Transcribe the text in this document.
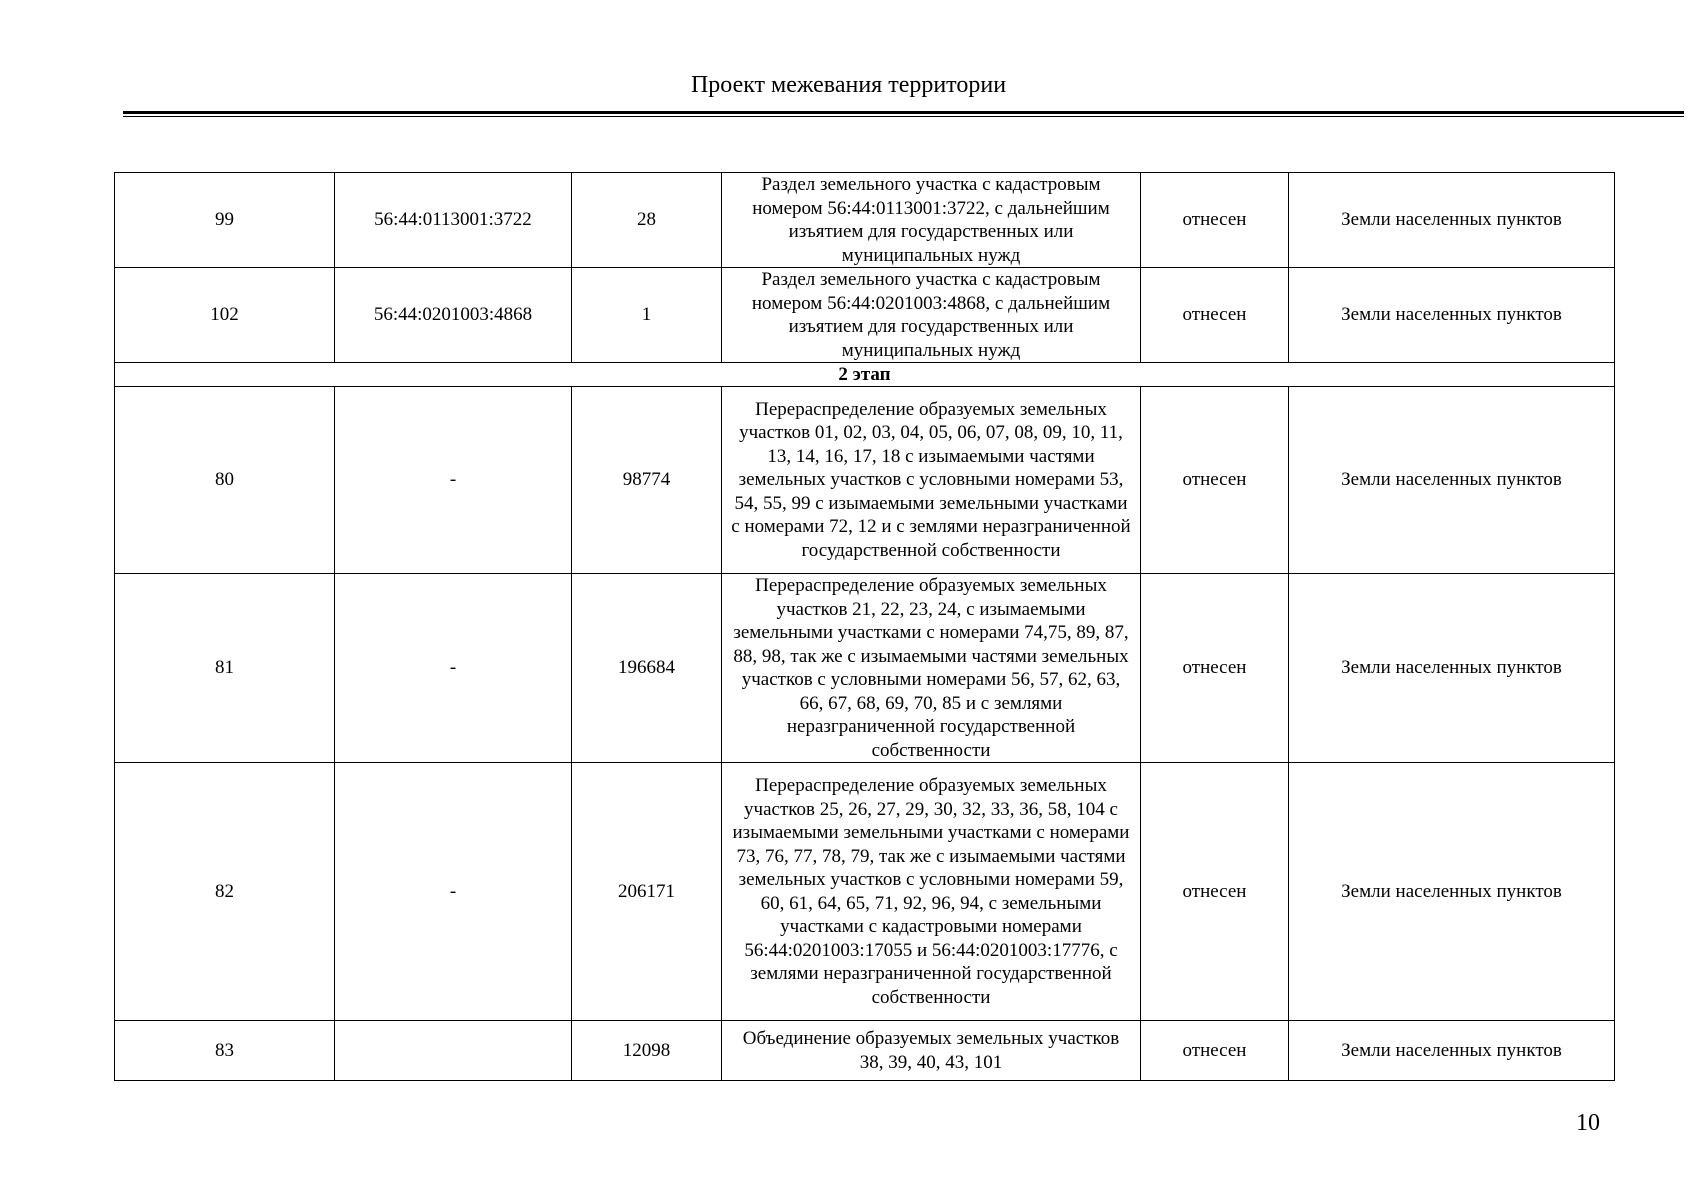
Проект межевания территории
99	56:44:0113001:3722	28	Раздел земельного участка с кадастровым номером 56:44:0113001:3722, с дальнейшим изъятием для государственных или муниципальных нужд	отнесен	Земли населенных пунктов
102	56:44:0201003:4868	1	Раздел земельного участка с кадастровым номером 56:44:0201003:4868, с дальнейшим изъятием для государственных или муниципальных нужд	отнесен	Земли населенных пунктов
2 этап					
80	-	98774	Перераспределение образуемых земельных участков 01, 02, 03, 04, 05, 06, 07, 08, 09, 10, 11, 13, 14, 16, 17, 18 с изымаемыми частями земельных участков с условными номерами 53, 54, 55, 99 с изымаемыми земельными участками с номерами 72, 12 и с землями неразграниченной государственной собственности	отнесен	Земли населенных пунктов
81	-	196684	Перераспределение образуемых земельных участков 21, 22, 23, 24, с изымаемыми земельными участками с номерами 74,75, 89, 87, 88, 98, так же с изымаемыми частями земельных участков с условными номерами 56, 57, 62, 63, 66, 67, 68, 69, 70, 85 и с землями неразграниченной государственной собственности	отнесен	Земли населенных пунктов
82	-	206171	Перераспределение образуемых земельных участков 25, 26, 27, 29, 30, 32, 33, 36, 58, 104 с изымаемыми земельными участками с номерами 73, 76, 77, 78, 79, так же с изымаемыми частями земельных участков с условными номерами 59, 60, 61, 64, 65, 71, 92, 96, 94, с земельными участками с кадастровыми номерами 56:44:0201003:17055 и 56:44:0201003:17776, с землями неразграниченной государственной собственности	отнесен	Земли населенных пунктов
83		12098	Объединение образуемых земельных участков 38, 39, 40, 43, 101	отнесен	Земли населенных пунктов
10
